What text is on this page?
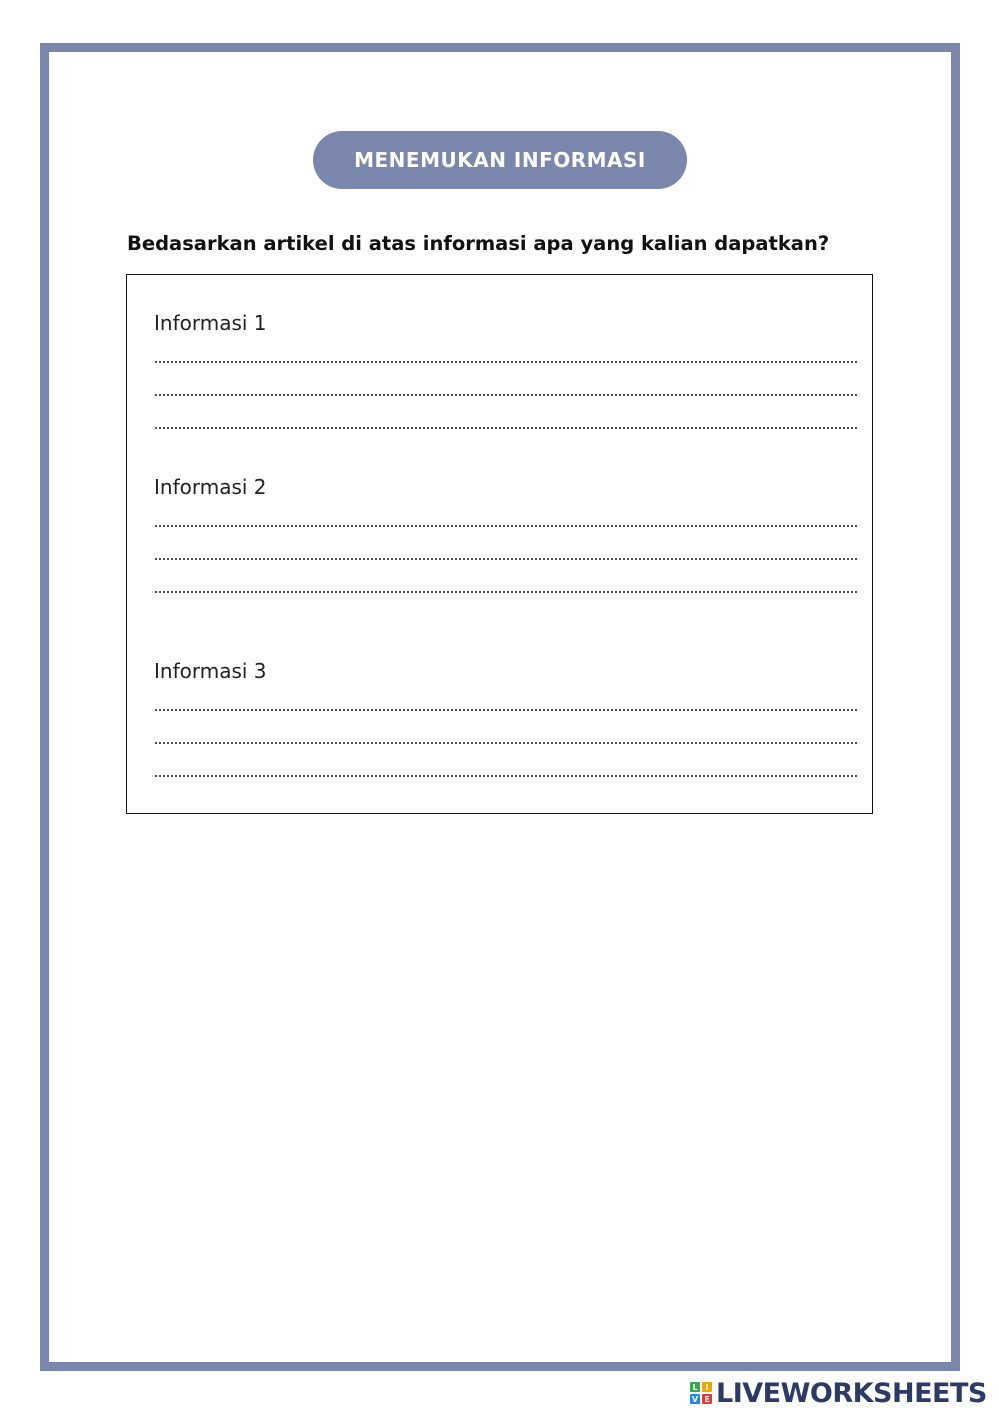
MENEMUKAN INFORMASI
Bedasarkan artikel di atas informasi apa yang kalian dapatkan?
Informasi 1
Informasi 2
Informasi 3
L I
V E LIVEWORKSHEETS
